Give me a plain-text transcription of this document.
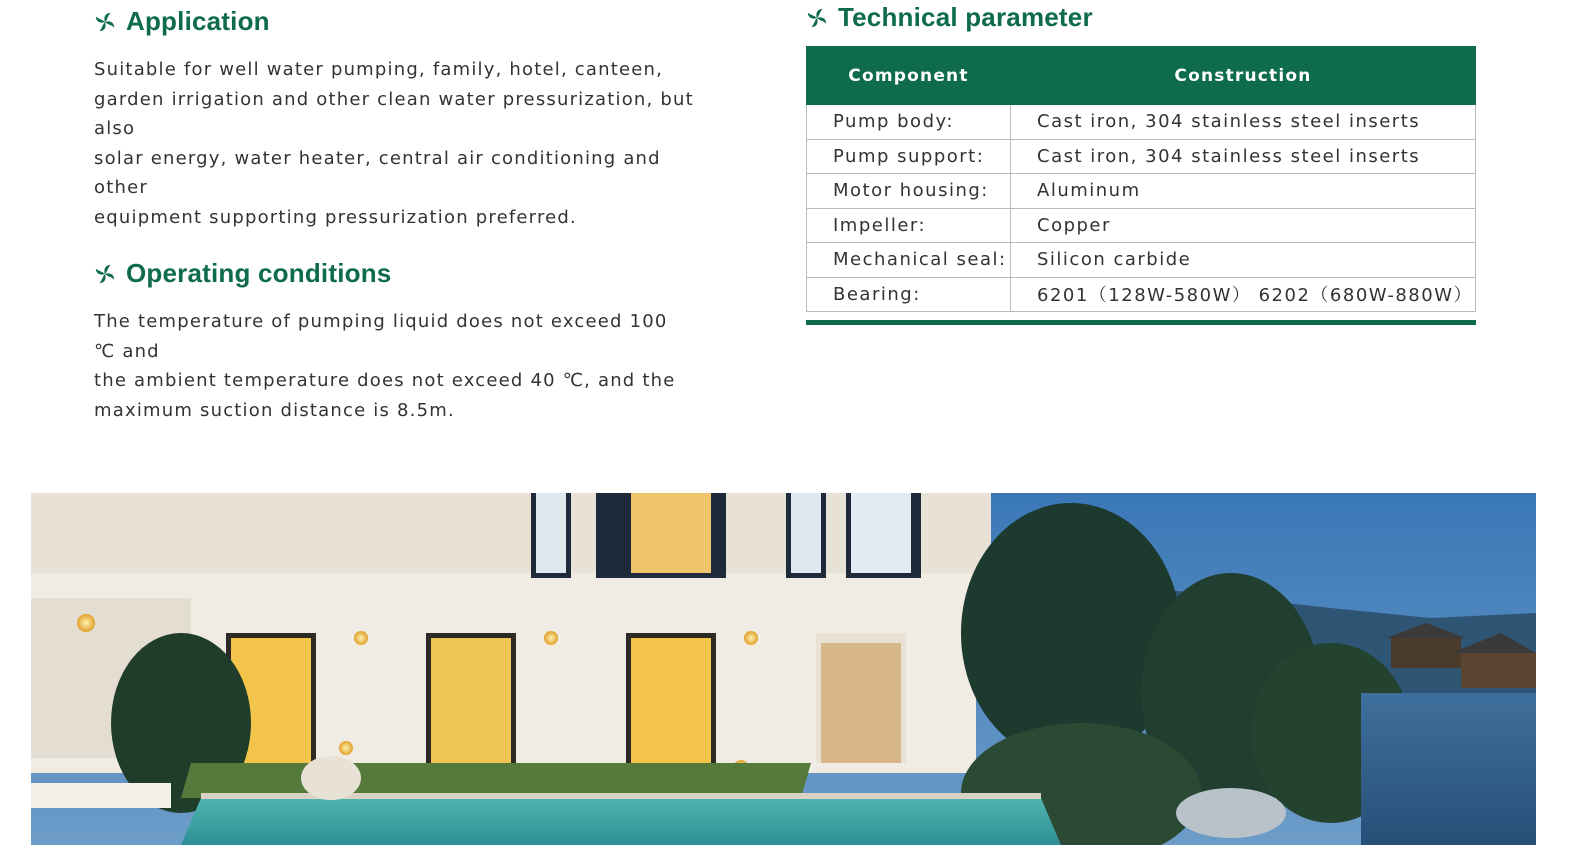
Application
Suitable for well water pumping, family, hotel, canteen,
garden irrigation and other clean water pressurization, but also
solar energy, water heater, central air conditioning and other
equipment supporting pressurization preferred.
Operating conditions
The temperature of pumping liquid does not exceed 100 ℃ and
the ambient temperature does not exceed 40 ℃, and the
maximum suction distance is 8.5m.
Technical parameter
Component	Construction
Pump body:	Cast iron, 304 stainless steel inserts
Pump support:	Cast iron, 304 stainless steel inserts
Motor housing:	Aluminum
Impeller:	Copper
Mechanical seal:	Silicon carbide
Bearing:	6201（128W-580W） 6202（680W-880W）
